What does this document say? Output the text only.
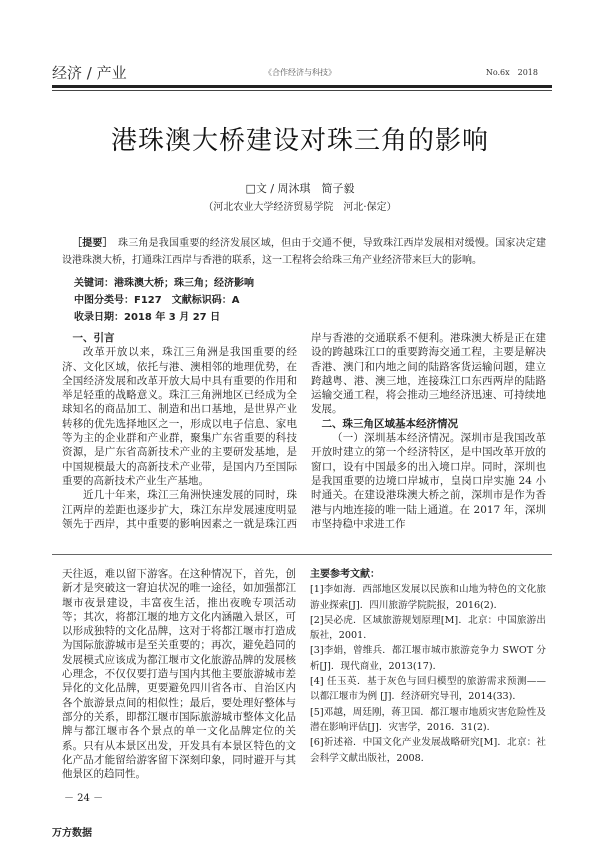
经济 / 产业	《合作经济与科技》	No.6x　2018
港珠澳大桥建设对珠三角的影响
□文 / 周沐琪　简子毅
（河北农业大学经济贸易学院　河北·保定）
［提要］　珠三角是我国重要的经济发展区域，但由于交通不便，导致珠江西岸发展相对缓慢。国家决定建设港珠澳大桥，打通珠江西岸与香港的联系，这一工程将会给珠三角产业经济带来巨大的影响。
关键词：港珠澳大桥；珠三角；经济影响
中图分类号：F127　文献标识码：A
收录日期：2018 年 3 月 27 日
一、引言

改革开放以来，珠江三角洲是我国重要的经济、文化区域，依托与港、澳相邻的地理优势，在全国经济发展和改革开放大局中具有重要的作用和举足轻重的战略意义。珠江三角洲地区已经成为全球知名的商品加工、制造和出口基地，是世界产业转移的优先选择地区之一，形成以电子信息、家电等为主的企业群和产业群，聚集广东省重要的科技资源，是广东省高新技术产业的主要研发基地，是中国规模最大的高新技术产业带，是国内乃至国际重要的高新技术产业生产基地。

近几十年来，珠江三角洲快速发展的同时，珠江两岸的差距也逐步扩大，珠江东岸发展速度明显领先于西岸，其中重要的影响因素之一就是珠江西岸与香港的交通联系不便利。港珠澳大桥是正在建设的跨越珠江口的重要跨海交通工程，主要是解决香港、澳门和内地之间的陆路客货运输问题，建立跨越粤、港、澳三地，连接珠江口东西两岸的陆路运输交通工程，将会推动三地经济迅速、可持续地发展。

二、珠三角区域基本经济情况

（一）深圳基本经济情况。深圳市是我国改革开放时建立的第一个经济特区，是中国改革开放的窗口，设有中国最多的出入境口岸。同时，深圳也是我国重要的边境口岸城市，皇岗口岸实施 24 小时通关。在建设港珠澳大桥之前，深圳市是作为香港与内地连接的唯一陆上通道。在 2017 年，深圳市坚持稳中求进工作

天往返，难以留下游客。在这种情况下，首先，创新才是突破这一窘迫状况的唯一途径，如加强都江堰市夜景建设，丰富夜生活，推出夜晚专项活动等；其次，将都江堰的地方文化内涵融入景区，可以形成独特的文化品牌，这对于将都江堰市打造成为国际旅游城市是至关重要的；再次，避免趋同的发展模式应该成为都江堰市文化旅游品牌的发展核心理念，不仅仅要打造与国内其他主要旅游城市差异化的文化品牌，更要避免四川省各市、自治区内各个旅游景点间的相似性；最后，要处理好整体与部分的关系，即都江堰市国际旅游城市整体文化品牌与都江堰市各个景点的单一文化品牌定位的关系。只有从本景区出发，开发具有本景区特色的文化产品才能留给游客留下深刻印象，同时避开与其他景区的趋同性。

主要参考文献：
[1]李如海．西部地区发展以民族和山地为特色的文化旅游业探索[J]．四川旅游学院院报，2016(2)．
[2]吴必虎．区域旅游规划原理[M]．北京：中国旅游出版社，2001．
[3]李娟，曾维兵．都江堰市城市旅游竞争力 SWOT 分析[J]．现代商业，2013(17)．
[4] 任玉英．基于灰色与回归模型的旅游需求预测——以都江堰市为例 [J]．经济研究导刊，2014(33)．
[5]邓越，周廷刚，蒋卫国．都江堰市地质灾害危险性及潜在影响评估[J]．灾害学，2016．31(2)．
[6]祈述裕．中国文化产业发展战略研究[M]．北京：社会科学文献出版社，2008．
－ 24 －
万方数据
